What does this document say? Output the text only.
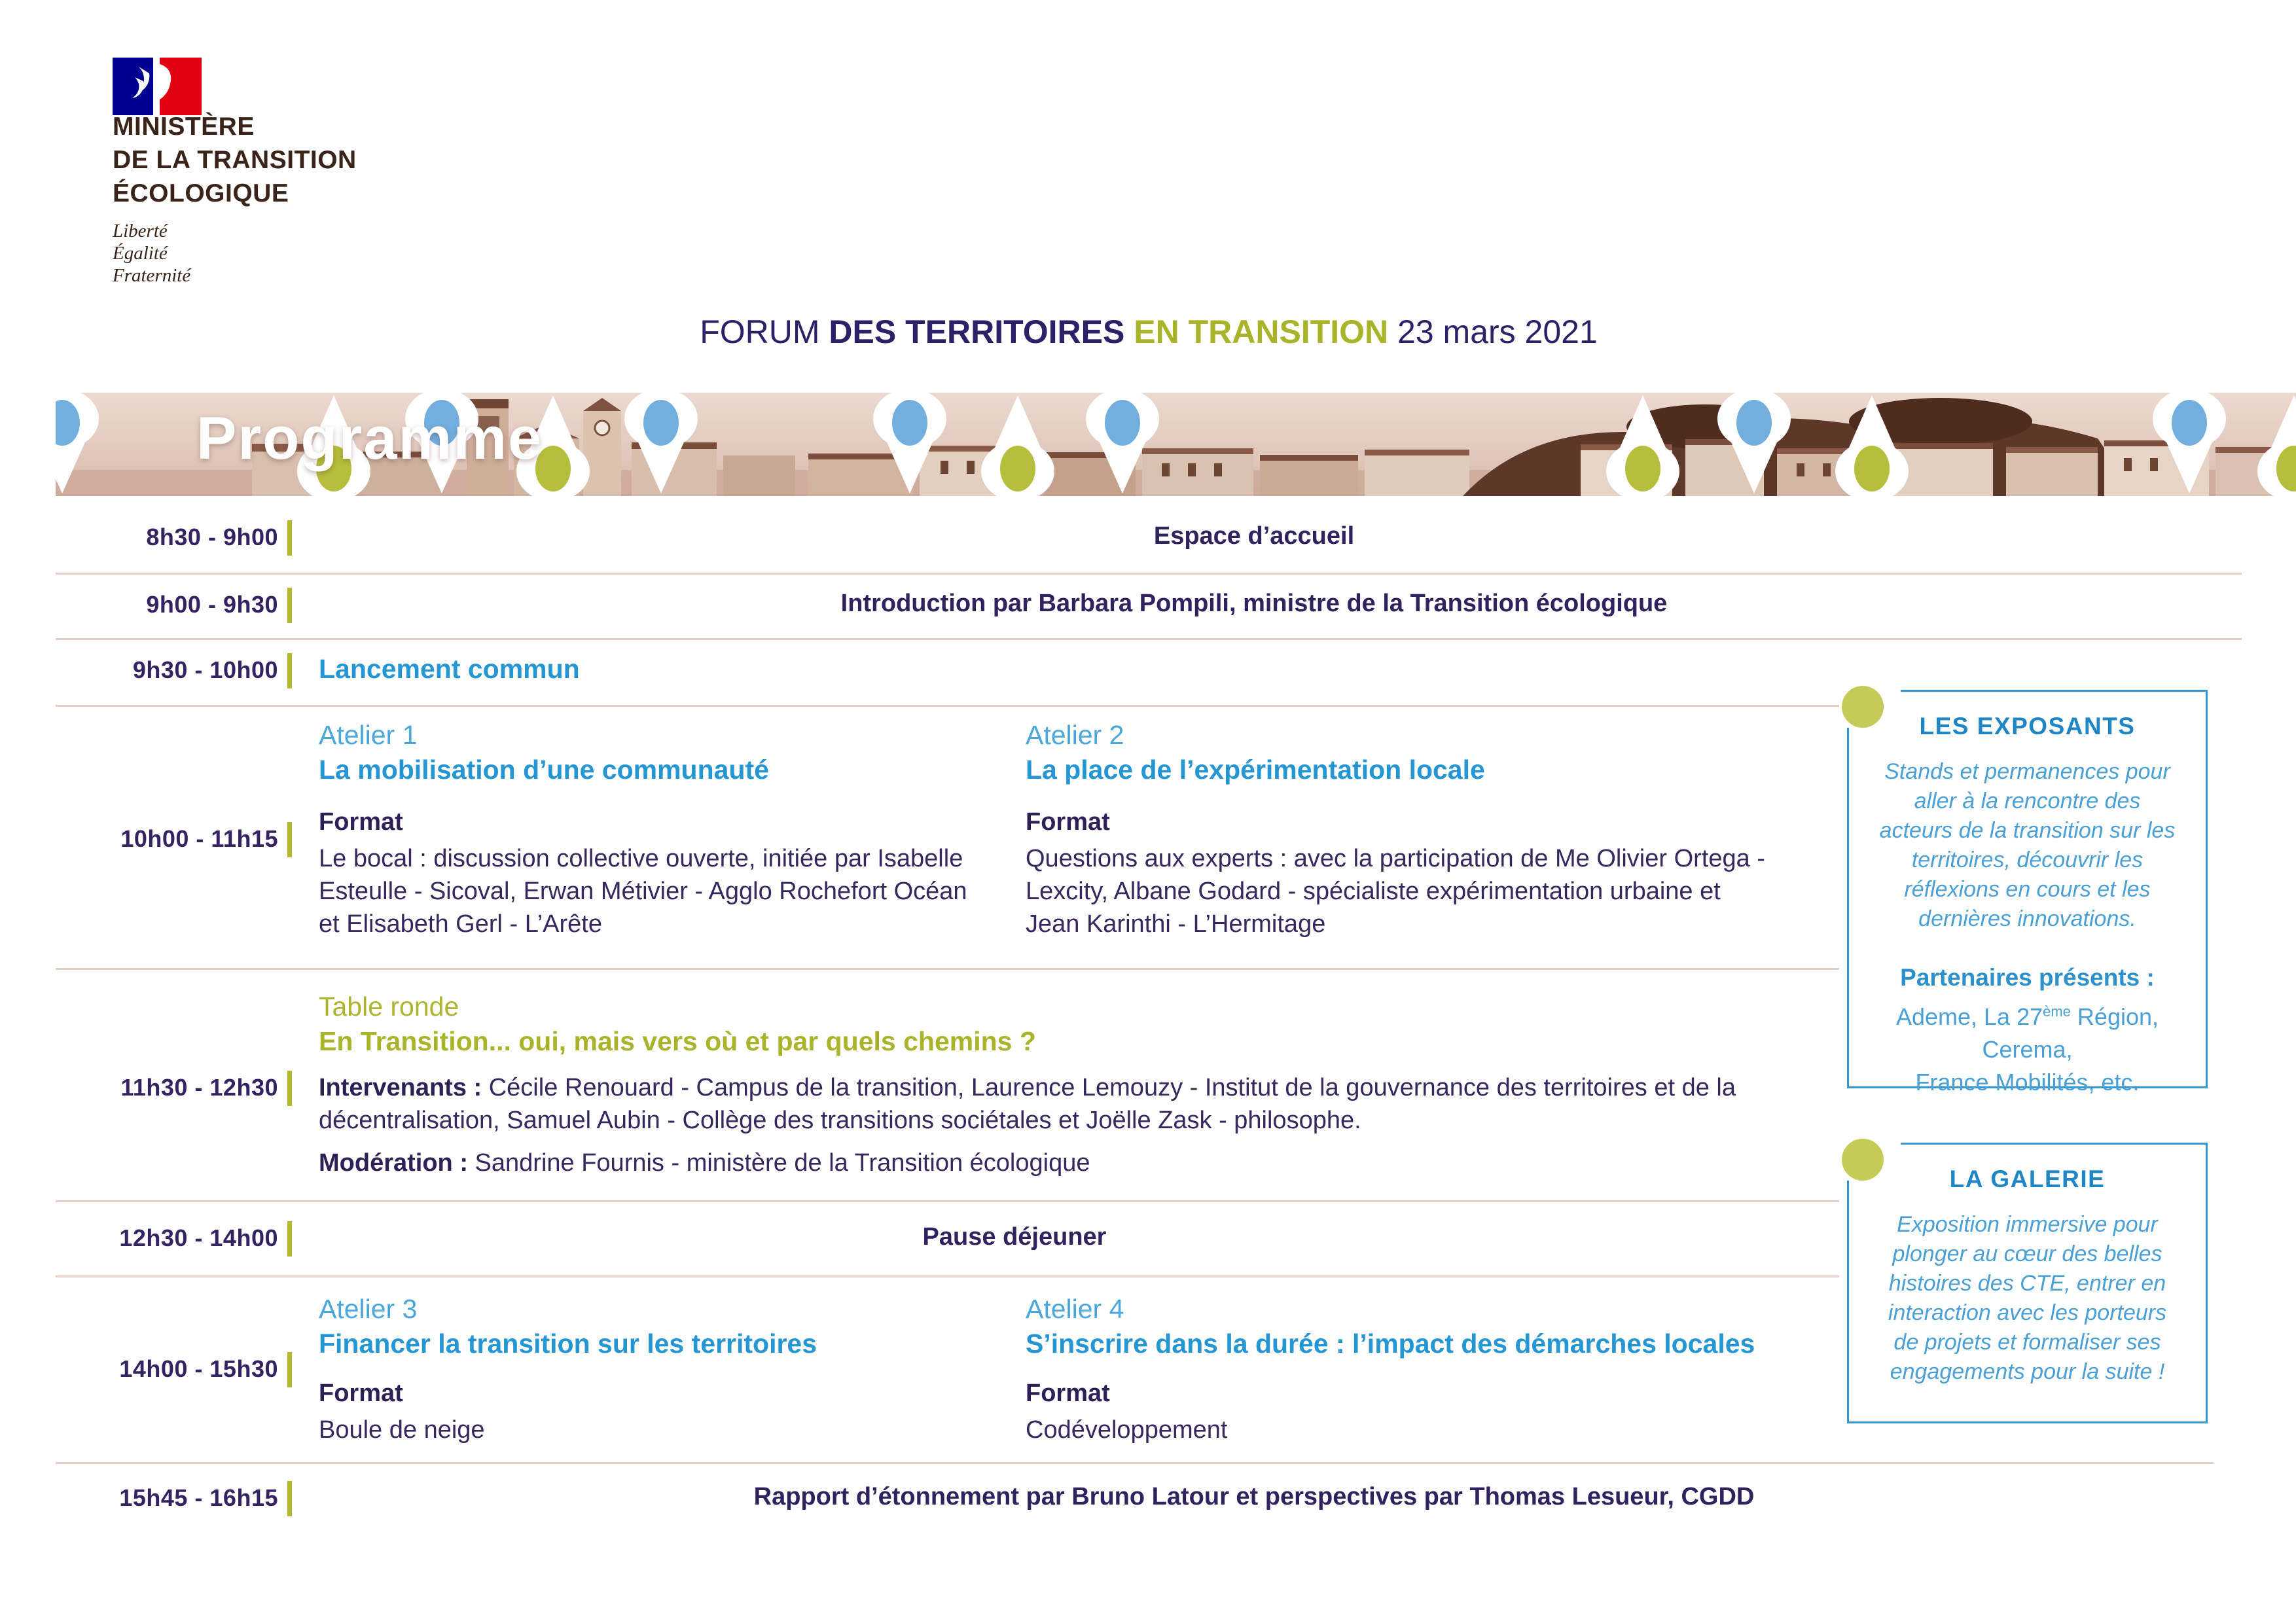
MINISTÈRE
DE LA TRANSITION
ÉCOLOGIQUE
Liberté
Égalité
Fraternité
FORUM DES TERRITOIRES EN TRANSITION 23 mars 2021
Programme
8h30 - 9h00	Espace d’accueil
9h00 - 9h30	Introduction par Barbara Pompili, ministre de la Transition écologique
9h30 - 10h00 Lancement commun
10h00 - 11h15
Atelier 1
La mobilisation d’une communauté
Format
Le bocal : discussion collective ouverte, initiée par Isabelle Esteulle - Sicoval, Erwan Métivier - Agglo Rochefort Océan et Elisabeth Gerl - L’Arête
Atelier 2
La place de l’expérimentation locale
Format
Questions aux experts : avec la participation de Me Olivier Ortega - Lexcity, Albane Godard - spécialiste expérimentation urbaine et Jean Karinthi - L’Hermitage
11h30 - 12h30
Table ronde
En Transition... oui, mais vers où et par quels chemins ?
Intervenants : Cécile Renouard - Campus de la transition, Laurence Lemouzy - Institut de la gouvernance des territoires et de la décentralisation, Samuel Aubin - Collège des transitions sociétales et Joëlle Zask - philosophe.
Modération : Sandrine Fournis - ministère de la Transition écologique
12h30 - 14h00	Pause déjeuner
14h00 - 15h30
Atelier 3
Financer la transition sur les territoires
Format
Boule de neige
Atelier 4
S’inscrire dans la durée : l’impact des démarches locales
Format
Codéveloppement
15h45 - 16h15	Rapport d’étonnement par Bruno Latour et perspectives par Thomas Lesueur, CGDD
LES EXPOSANTS
Stands et permanences pour aller à la rencontre des acteurs de la transition sur les territoires, découvrir les réflexions en cours et les dernières innovations.
Partenaires présents :
Ademe, La 27ème Région,
Cerema,
France Mobilités, etc.
LA GALERIE
Exposition immersive pour plonger au cœur des belles histoires des CTE, entrer en interaction avec les porteurs de projets et formaliser ses engagements pour la suite !
